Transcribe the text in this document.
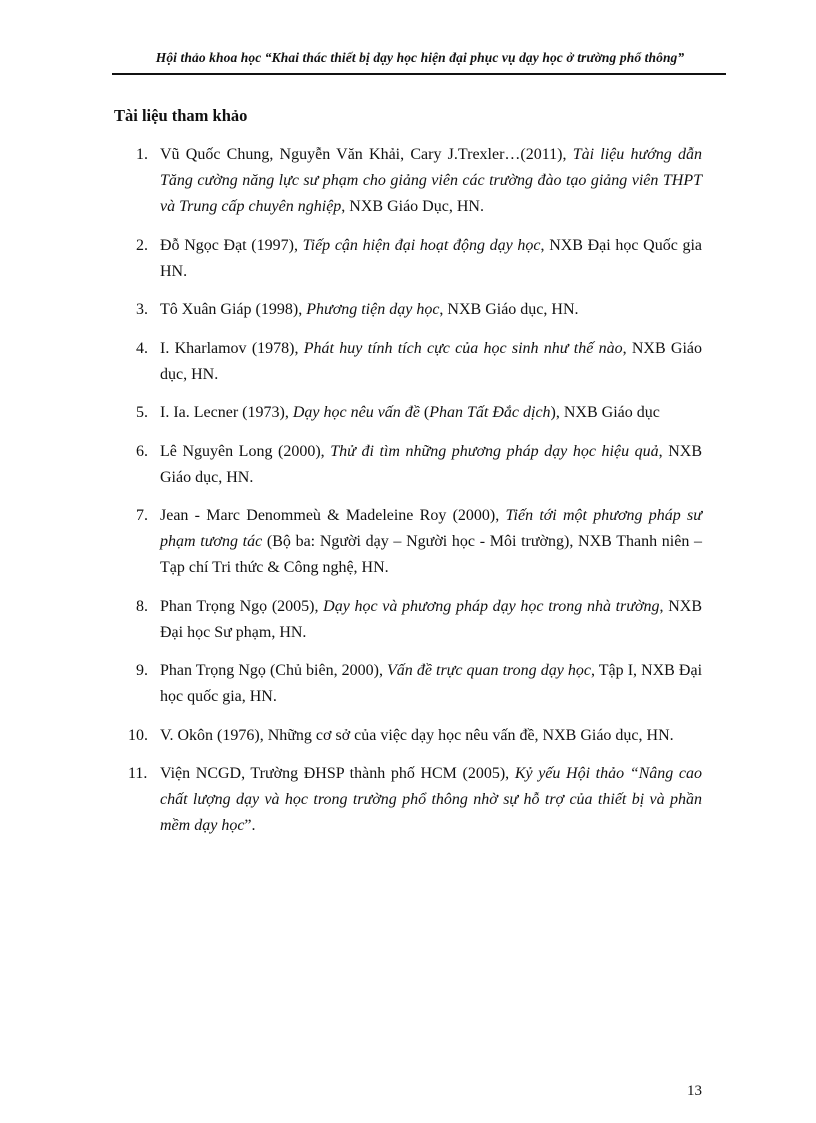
Hội thảo khoa học “Khai thác thiết bị dạy học hiện đại phục vụ dạy học ở trường phổ thông”
Tài liệu tham khảo
1. Vũ Quốc Chung, Nguyễn Văn Khải, Cary J.Trexler…(2011), Tài liệu hướng dẫn Tăng cường năng lực sư phạm cho giảng viên các trường đào tạo giảng viên THPT và Trung cấp chuyên nghiệp, NXB Giáo Dục, HN.
2. Đỗ Ngọc Đạt (1997), Tiếp cận hiện đại hoạt động dạy học, NXB Đại học Quốc gia HN.
3. Tô Xuân Giáp (1998), Phương tiện dạy học, NXB Giáo dục, HN.
4. I. Kharlamov (1978), Phát huy tính tích cực của học sinh như thế nào, NXB Giáo dục, HN.
5. I. Ia. Lecner (1973), Dạy học nêu vấn đề (Phan Tất Đắc dịch), NXB Giáo dục
6. Lê Nguyên Long (2000), Thử đi tìm những phương pháp dạy học hiệu quả, NXB Giáo dục, HN.
7. Jean - Marc Denommeù & Madeleine Roy (2000), Tiến tới một phương pháp sư phạm tương tác (Bộ ba: Người dạy – Người học - Môi trường), NXB Thanh niên – Tạp chí Tri thức & Công nghệ, HN.
8. Phan Trọng Ngọ (2005), Dạy học và phương pháp dạy học trong nhà trường, NXB Đại học Sư phạm, HN.
9. Phan Trọng Ngọ (Chủ biên, 2000), Vấn đề trực quan trong dạy học, Tập I, NXB Đại học quốc gia, HN.
10. V. Okôn (1976), Những cơ sở của việc dạy học nêu vấn đề, NXB Giáo dục, HN.
11. Viện NCGD, Trường ĐHSP thành phố HCM (2005), Kỷ yếu Hội thảo “Nâng cao chất lượng dạy và học trong trường phổ thông nhờ sự hỗ trợ của thiết bị và phần mềm dạy học”.
13
